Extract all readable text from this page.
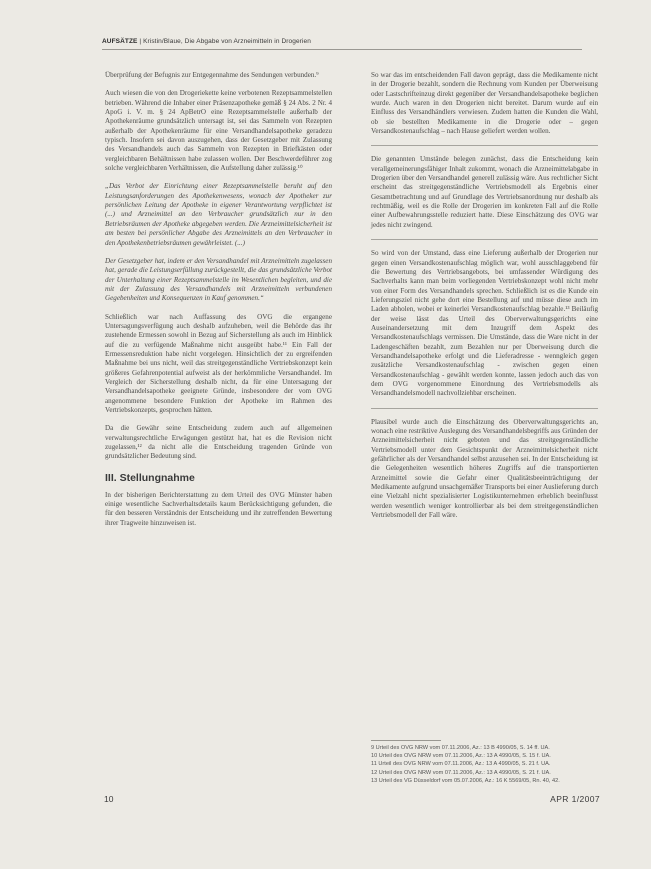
AUFSÄTZE | Kristin/Blaue, Die Abgabe von Arzneimitteln in Drogerien

Überprüfung der Befugnis zur Entgegennahme des Sendungen verbunden.⁹

Auch wiesen die von den Drogeriekette keine verbotenen Rezeptsammelstellen betrieben. Während die Inhaber einer Präsenzapotheke gemäß § 24 Abs. 2 Nr. 4 ApoG i. V. m. § 24 ApBetrO eine Rezeptsammelstelle außerhalb der Apothekenräume grundsätzlich untersagt ist, sei das Sammeln von Rezepten außerhalb der Apothekenräume für eine Versandhandelsapotheke geradezu typisch. Insofern sei davon auszugehen, dass der Gesetzgeber mit Zulassung des Versandhandels auch das Sammeln von Rezepten in Briefkästen oder vergleichbaren Behältnissen habe zulassen wollen. Der Beschwerdeführer zog solche vergleichbaren Verhältnissen, die Aufstellung daher zulässig.¹⁰

„Das Verbot der Einrichtung einer Rezeptsammelstelle beruht auf den Leistungsanforderungen des Apothekenwesens, wonach der Apotheker zur persönlichen Leitung der Apotheke in eigener Verantwortung verpflichtet ist (...) und Arzneimittel an den Verbraucher grundsätzlich nur in den Betriebsräumen der Apotheke abgegeben werden. Die Arzneimittelsicherheit ist am besten bei persönlicher Abgabe des Arzneimittels an den Verbraucher in den Apothekenbetriebsräumen gewährleistet. (...)

Der Gesetzgeber hat, indem er den Versandhandel mit Arzneimitteln zugelassen hat, gerade die Leistungserfüllung zurückgestellt, die das grundsätzliche Verbot der Unterhaltung einer Rezeptsammelstelle im Wesentlichen begleiten, und die mit der Zulassung des Versandhandels mit Arzneimitteln verbundenen Gegebenheiten und Konsequenzen in Kauf genommen.“

Schließlich war nach Auffassung des OVG die ergangene Untersagungsverfügung auch deshalb aufzuheben, weil die Behörde das ihr zustehende Ermessen sowohl in Bezug auf Sicherstellung als auch im Hinblick auf die zu verfügende Maßnahme nicht ausgeübt habe.¹¹ Ein Fall der Ermessensreduktion habe nicht vorgelegen. Hinsichtlich der zu ergreifenden Maßnahme bei uns nicht, weil das streitgegenständliche Vertriebskonzept kein größeres Gefahrenpotential aufweist als der herkömmliche Versandhandel. Im Vergleich der Sicherstellung deshalb nicht, da für eine Untersagung der Versandhandelsapotheke geeignete Gründe, insbesondere der vom OVG angenommene besondere Funktion der Apotheke im Rahmen des Vertriebskonzepts, gesprochen hätten.

Da die Gewähr seine Entscheidung zudem auch auf allgemeinen verwaltungsrechtliche Erwägungen gestützt hat, hat es die Revision nicht zugelassen,¹² da nicht alle die Entscheidung tragenden Gründe von grundsätzlicher Bedeutung sind.

III. Stellungnahme

In der bisherigen Berichterstattung zu dem Urteil des OVG Münster haben einige wesentliche Sachverhaltsdetails kaum Berücksichtigung gefunden, die für den besseren Verständnis der Entscheidung und ihr zutreffenden Bewertung ihrer Tragweite hinzuweisen ist.

So war das im entscheidenden Fall davon geprägt, dass die Medikamente nicht in der Drogerie bezahlt, sondern die Rechnung vom Kunden per Überweisung oder Lastschrifteinzug direkt gegenüber der Versandhandelsapotheke beglichen wurde. Auch waren in den Drogerien nicht bereitet. Darum wurde auf ein Einfluss des Versandhändlers verwiesen. Zudem hatten die Kunden die Wahl, ob sie bestellten Medikamente in die Drogerie oder – gegen Versandkostenaufschlag – nach Hause geliefert werden wollen.

Die genannten Umstände belegen zunächst, dass die Entscheidung kein verallgemeinerungsfähiger Inhalt zukommt, wonach die Arzneimittelabgabe in Drogerien über den Versandhandel generell zulässig wäre. Aus rechtlicher Sicht erscheint das streitgegenständliche Vertriebsmodell als Ergebnis einer Gesamtbetrachtung und auf Grundlage des Vertriebsanordnung nur deshalb als rechtmäßig, weil es die Rolle der Drogerien im konkreten Fall auf die Rolle einer Aufbewahrungsstelle reduziert hatte. Diese Einschätzung des OVG war jedes nicht zwingend.

So wird von der Umstand, dass eine Lieferung außerhalb der Drogerien nur gegen einen Versandkostenaufschlag möglich war, wohl ausschlaggebend für die Bewertung des Vertriebsangebots, bei umfassender Würdigung des Sachverhalts kann man beim vorliegenden Vertriebskonzept wohl nicht mehr von einer Form des Versandhandels sprechen. Schließlich ist es die Kunde ein Lieferungsziel nicht gehe dort eine Bestellung auf und müsse diese auch im Laden abholen, wobei er keinerlei Versandkostenaufschlag bezahle.¹³ Beiläufig der weise lässt das Urteil des Oberverwaltungsgerichts eine Auseinandersetzung mit dem Inzugriff dem Aspekt des Versandkostenaufschlags vermissen. Die Umstände, dass die Ware nicht in der Ladengeschäften bezahlt, zum Bezahlen nur per Überweisung durch die Versandhandelsapotheke erfolgt und die Lieferadresse - wenngleich gegen zusätzliche Versandkostenaufschlag - zwischen gegen einen Versandkostenaufschlag - gewählt werden konnte, lassen jedoch auch das von dem OVG vorgenommene Einordnung des Vertriebsmodells als Versandhandelsmodell nachvollziehbar erscheinen.

Plausibel wurde auch die Einschätzung des Oberverwaltungsgerichts an, wonach eine restriktive Auslegung des Versandhandelsbegriffs aus Gründen der Arzneimittelsicherheit nicht geboten und das streitgegenständliche Vertriebsmodell unter dem Gesichtspunkt der Arzneimittelsicherheit nicht gefährlicher als der Versandhandel selbst anzusehen sei. In der Entscheidung ist die Gelegenheiten wesentlich höheres Zugriffs auf die transportierten Arzneimittel sowie die Gefahr einer Qualitätsbeeinträchtigung der Medikamente aufgrund unsachgemäßer Transports bei einer Auslieferung durch eine Vielzahl nicht spezialisierter Logistikunternehmen erheblich beeinflusst werden wesentlich weniger kontrollierbar als bei dem streitgegenständlichen Vertriebsmodell der Fall wäre.

9 Urteil des OVG NRW vom 07.11.2006, Az.: 13 B 4990/05, S. 14 ff. UA.
10 Urteil des OVG NRW vom 07.11.2006, Az.: 13 A 4990/05, S. 15 f. UA.
11 Urteil des OVG NRW vom 07.11.2006, Az.: 13 A 4990/05, S. 21 f. UA.
12 Urteil des OVG NRW vom 07.11.2006, Az.: 13 A 4990/05, S. 21 f. UA.
13 Urteil des VG Düsseldorf vom 05.07.2006, Az.: 16 K 5569/05, Rn. 40, 42.
10	APR 1/2007
